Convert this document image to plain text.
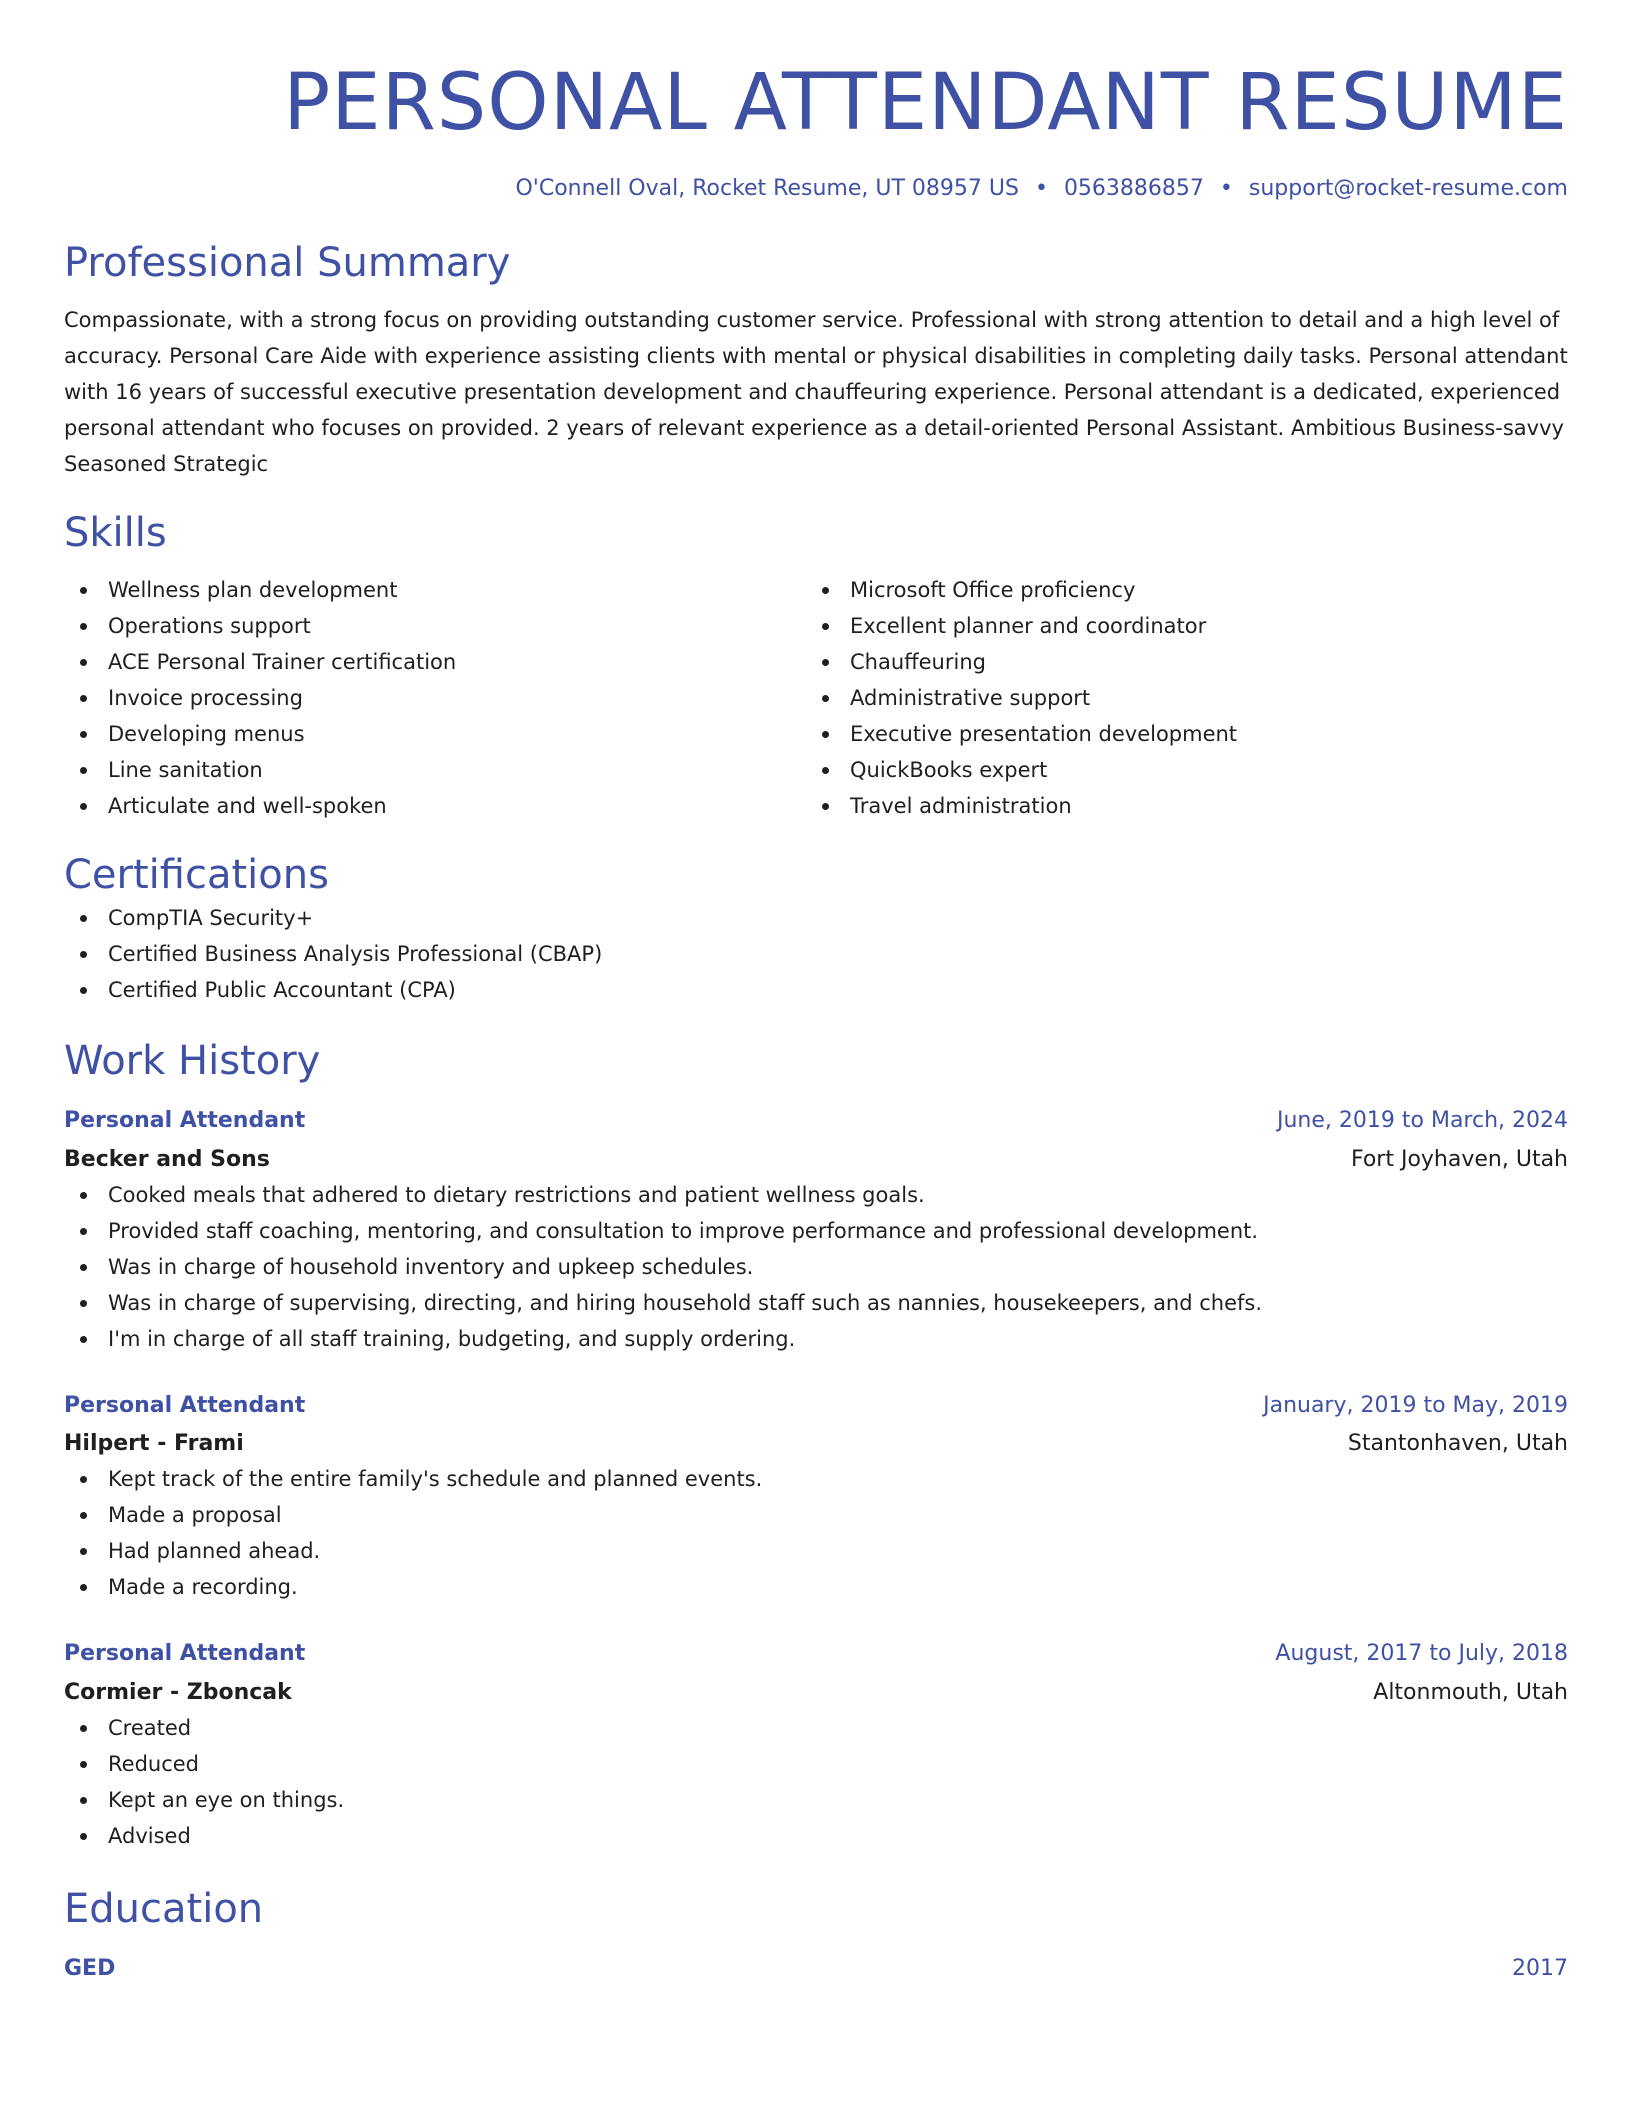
PERSONAL ATTENDANT RESUME
O'Connell Oval, Rocket Resume, UT 08957 US • 0563886857 • support@rocket-resume.com
Professional Summary

Compassionate, with a strong focus on providing outstanding customer service. Professional with strong attention to detail and a high level of accuracy. Personal Care Aide with experience assisting clients with mental or physical disabilities in completing daily tasks. Personal attendant with 16 years of successful executive presentation development and chauffeuring experience. Personal attendant is a dedicated, experienced personal attendant who focuses on provided. 2 years of relevant experience as a detail-oriented Personal Assistant. Ambitious Business-savvy Seasoned Strategic

Skills
Wellness plan development
Operations support
ACE Personal Trainer certification
Invoice processing
Developing menus
Line sanitation
Articulate and well-spoken
Microsoft Office proficiency
Excellent planner and coordinator
Chauffeuring
Administrative support
Executive presentation development
QuickBooks expert
Travel administration
Certifications
CompTIA Security+
Certified Business Analysis Professional (CBAP)
Certified Public Accountant (CPA)
Work History
Personal Attendant	June, 2019 to March, 2024
Becker and Sons	Fort Joyhaven, Utah
Cooked meals that adhered to dietary restrictions and patient wellness goals.
Provided staff coaching, mentoring, and consultation to improve performance and professional development.
Was in charge of household inventory and upkeep schedules.
Was in charge of supervising, directing, and hiring household staff such as nannies, housekeepers, and chefs.
I'm in charge of all staff training, budgeting, and supply ordering.
Personal Attendant	January, 2019 to May, 2019
Hilpert - Frami	Stantonhaven, Utah
Kept track of the entire family's schedule and planned events.
Made a proposal
Had planned ahead.
Made a recording.
Personal Attendant	August, 2017 to July, 2018
Cormier - Zboncak	Altonmouth, Utah
Created
Reduced
Kept an eye on things.
Advised
Education
GED	2017
